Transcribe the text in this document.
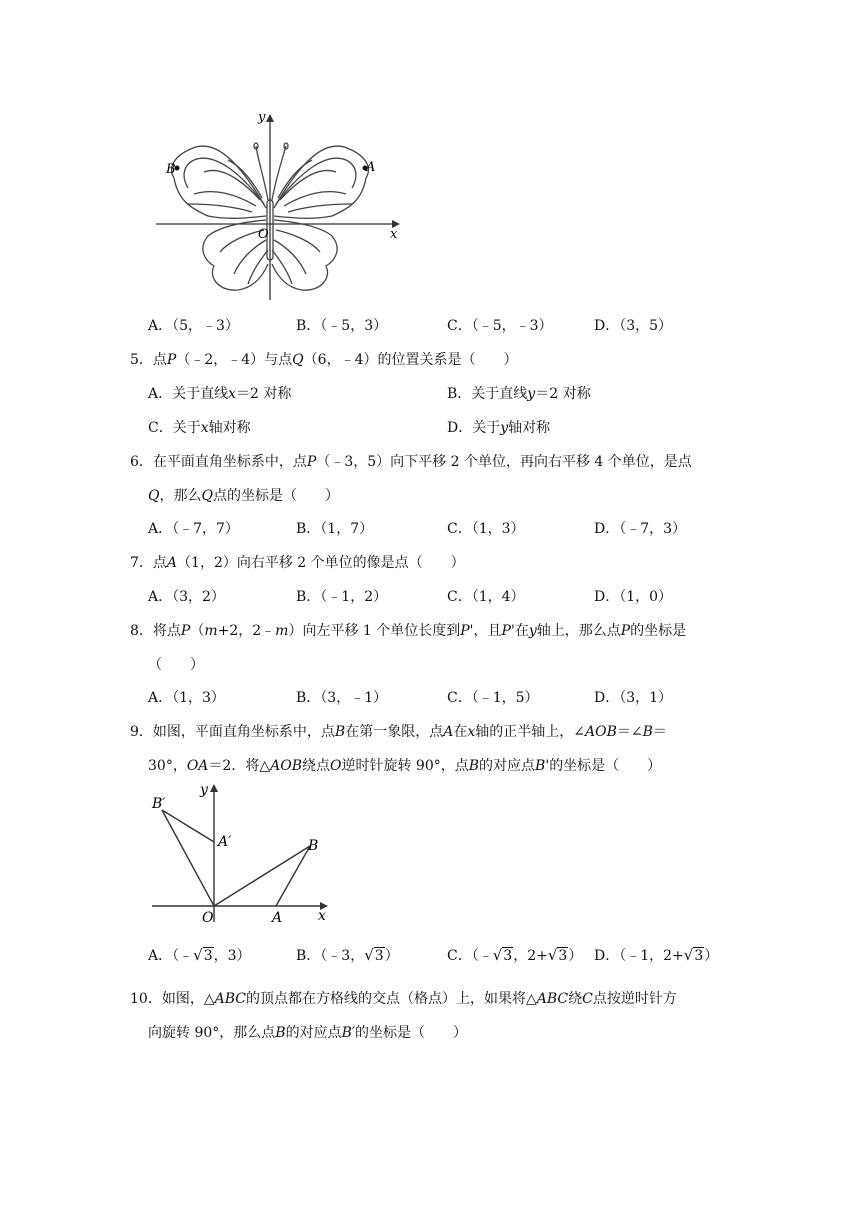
y
x
O
A
B
A．（5，﹣3）	B．（﹣5，3）	C．（﹣5，﹣3）	D．（3，5）
5．点P（﹣2，﹣4）与点Q（6，﹣4）的位置关系是（　　）
A．关于直线x＝2 对称	B．关于直线y＝2 对称
C．关于x轴对称	D．关于y轴对称
6．在平面直角坐标系中，点P（﹣3，5）向下平移 2 个单位，再向右平移 4 个单位，是点
Q，那么Q点的坐标是（　　）
A．（﹣7，7）	B．（1，7）	C．（1，3）	D．（﹣7，3）
7．点A（1，2）向右平移 2 个单位的像是点（　　）
A．（3，2）	B．（﹣1，2）	C．（1，4）	D．（1，0）
8．将点P（m+2，2﹣m）向左平移 1 个单位长度到P'，且P'在y轴上，那么点P的坐标是
（　　）
A．（1，3）	B．（3，﹣1）	C．（﹣1，5）	D．（3，1）
9．如图，平面直角坐标系中，点B在第一象限，点A在x轴的正半轴上，∠AOB＝∠B＝
30°，OA＝2．将△AOB绕点O逆时针旋转 90°，点B的对应点B'的坐标是（　　）
y
x
O	A
B
A′
B′
A．（﹣√3，3）	B．（﹣3，√3）	C．（﹣√3，2+√3） D．（﹣1，2+√3）
10．如图，△ABC的顶点都在方格线的交点（格点）上，如果将△ABC绕C点按逆时针方
向旋转 90°，那么点B的对应点B′的坐标是（　　）
